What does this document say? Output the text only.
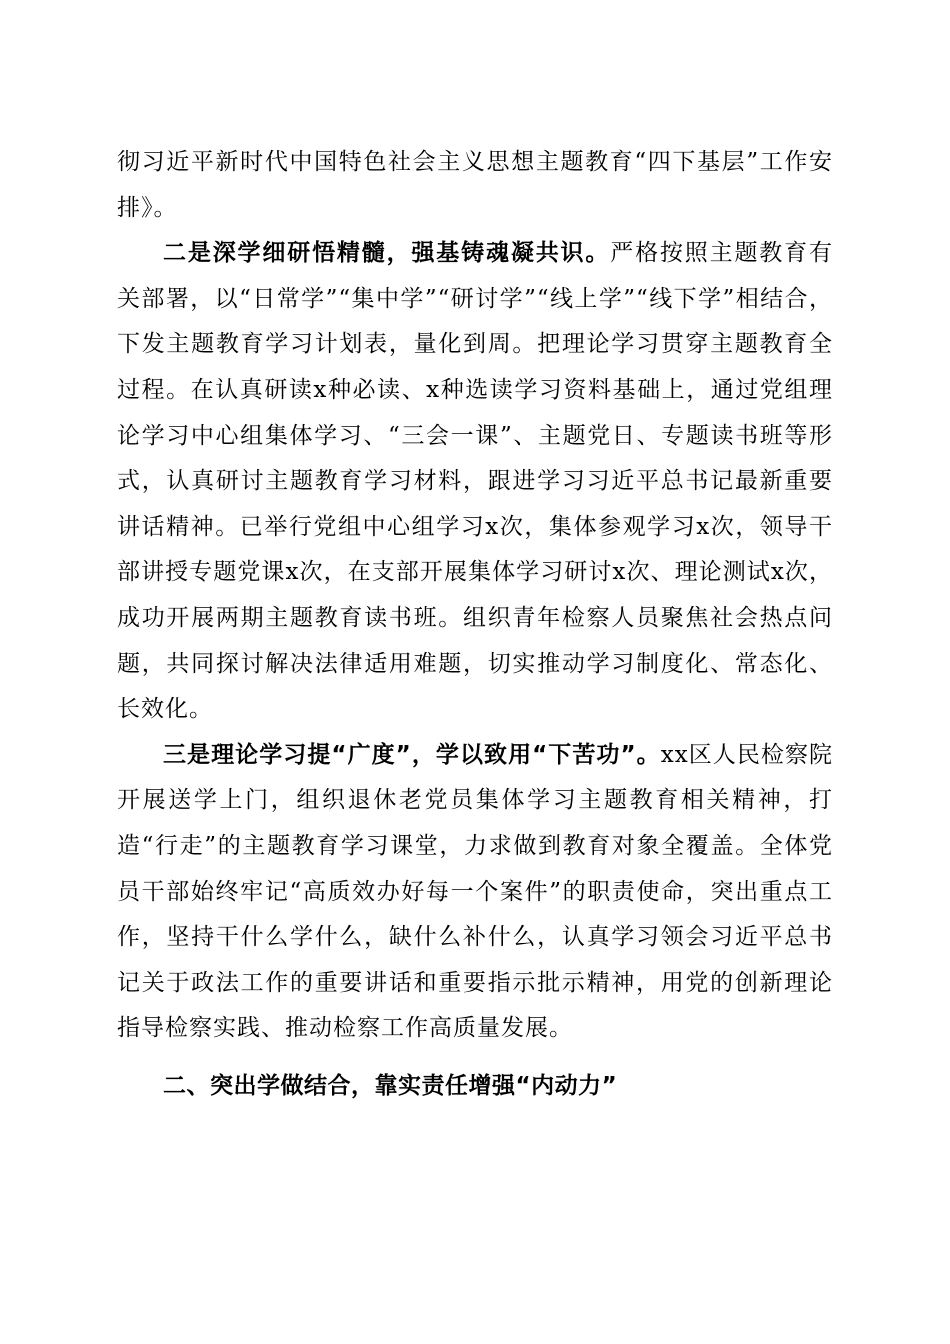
彻习近平新时代中国特色社会主义思想主题教育“四下基层”工作安排》。

二是深学细研悟精髓，强基铸魂凝共识。严格按照主题教育有关部署，以“日常学”“集中学”“研讨学”“线上学”“线下学”相结合，下发主题教育学习计划表，量化到周。把理论学习贯穿主题教育全过程。在认真研读x种必读、x种选读学习资料基础上，通过党组理论学习中心组集体学习、“三会一课”、主题党日、专题读书班等形式，认真研讨主题教育学习材料，跟进学习习近平总书记最新重要讲话精神。已举行党组中心组学习x次，集体参观学习x次，领导干部讲授专题党课x次，在支部开展集体学习研讨x次、理论测试x次，成功开展两期主题教育读书班。组织青年检察人员聚焦社会热点问题，共同探讨解决法律适用难题，切实推动学习制度化、常态化、长效化。

三是理论学习提“广度”，学以致用“下苦功”。xx区人民检察院开展送学上门，组织退休老党员集体学习主题教育相关精神，打造“行走”的主题教育学习课堂，力求做到教育对象全覆盖。全体党员干部始终牢记“高质效办好每一个案件”的职责使命，突出重点工作，坚持干什么学什么，缺什么补什么，认真学习领会习近平总书记关于政法工作的重要讲话和重要指示批示精神，用党的创新理论指导检察实践、推动检察工作高质量发展。

二、突出学做结合，靠实责任增强“内动力”
